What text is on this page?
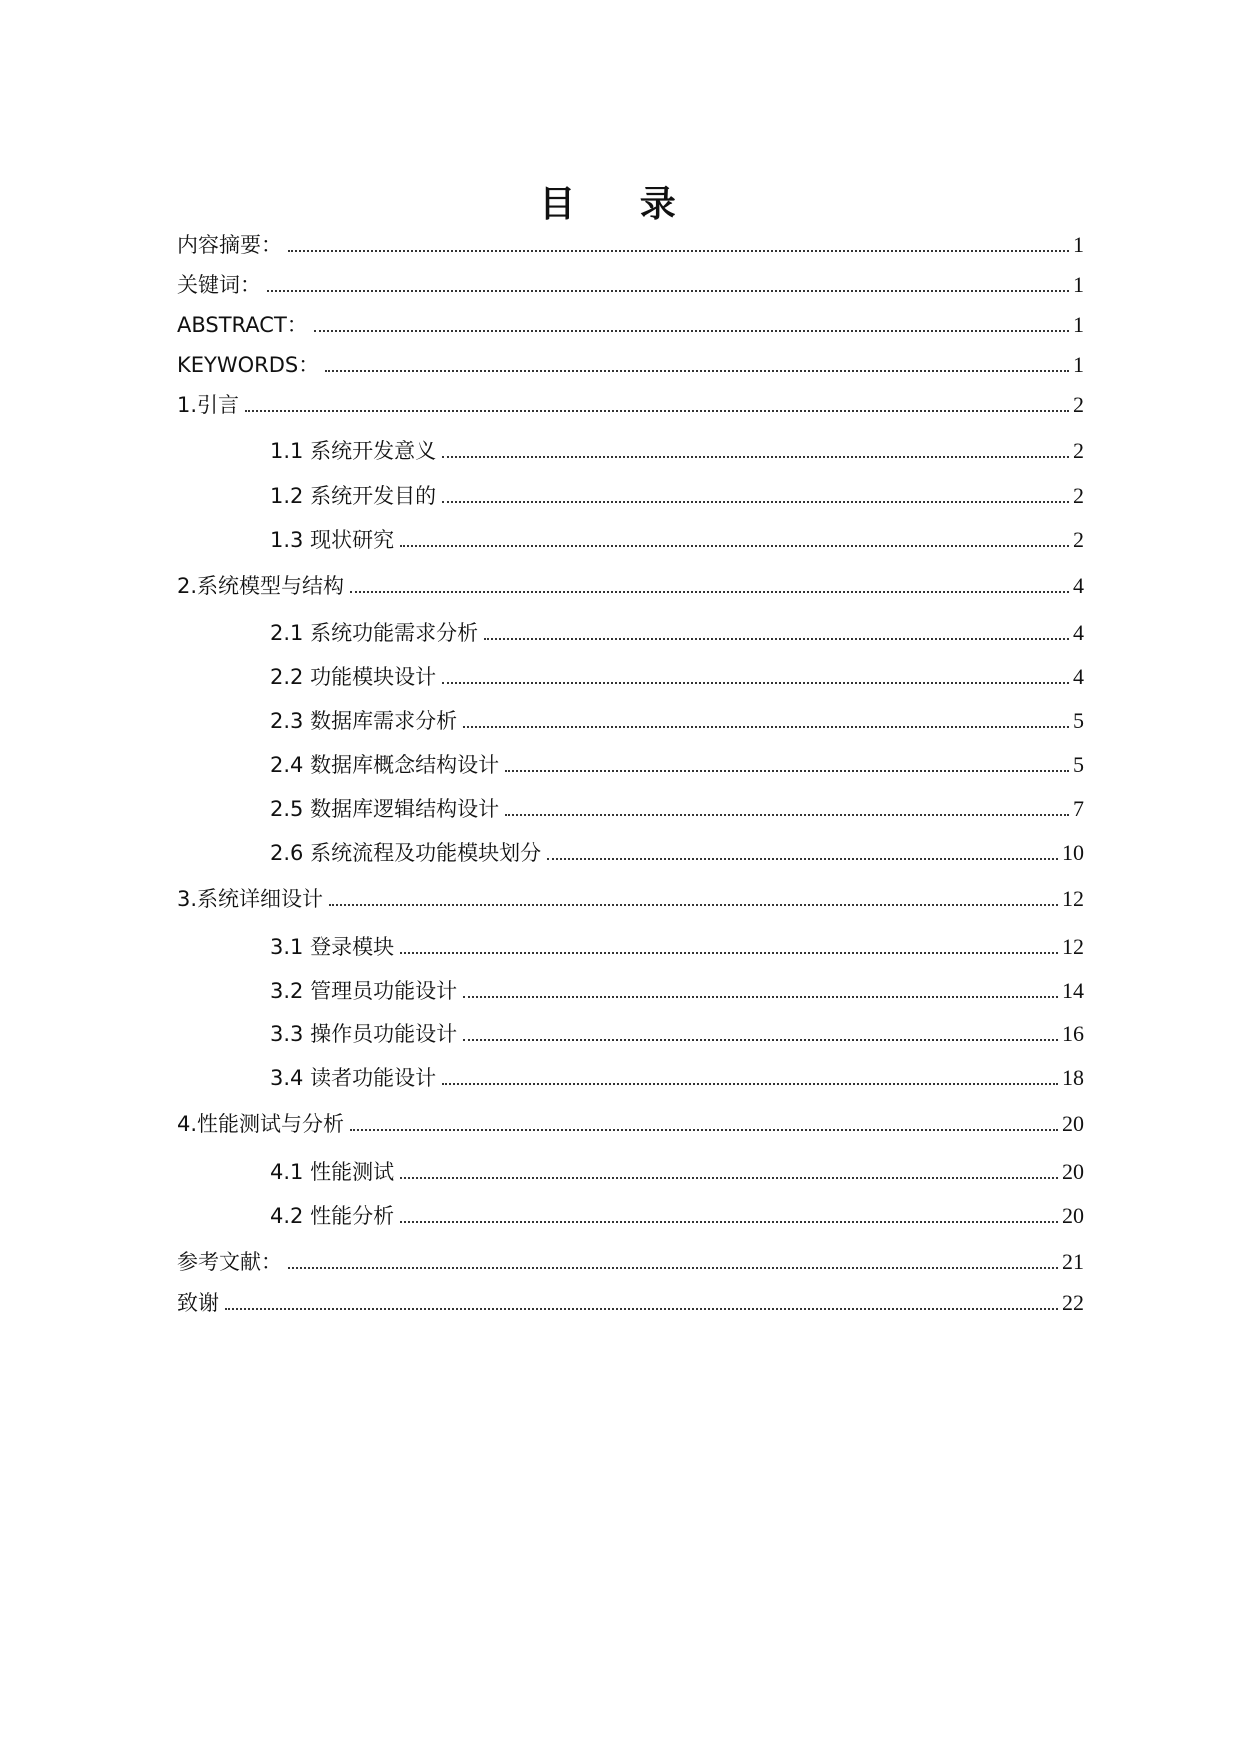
目 录
内容摘要：	1
关键词：	1
ABSTRACT：	1
KEYWORDS：	1
1.引言	2
1.1 系统开发意义	2
1.2 系统开发目的	2
1.3 现状研究	2
2.系统模型与结构	4
2.1 系统功能需求分析	4
2.2 功能模块设计	4
2.3 数据库需求分析	5
2.4 数据库概念结构设计	5
2.5 数据库逻辑结构设计	7
2.6 系统流程及功能模块划分	10
3.系统详细设计	12
3.1 登录模块	12
3.2 管理员功能设计	14
3.3 操作员功能设计	16
3.4 读者功能设计	18
4.性能测试与分析	20
4.1 性能测试	20
4.2 性能分析	20
参考文献：	21
致谢	22
